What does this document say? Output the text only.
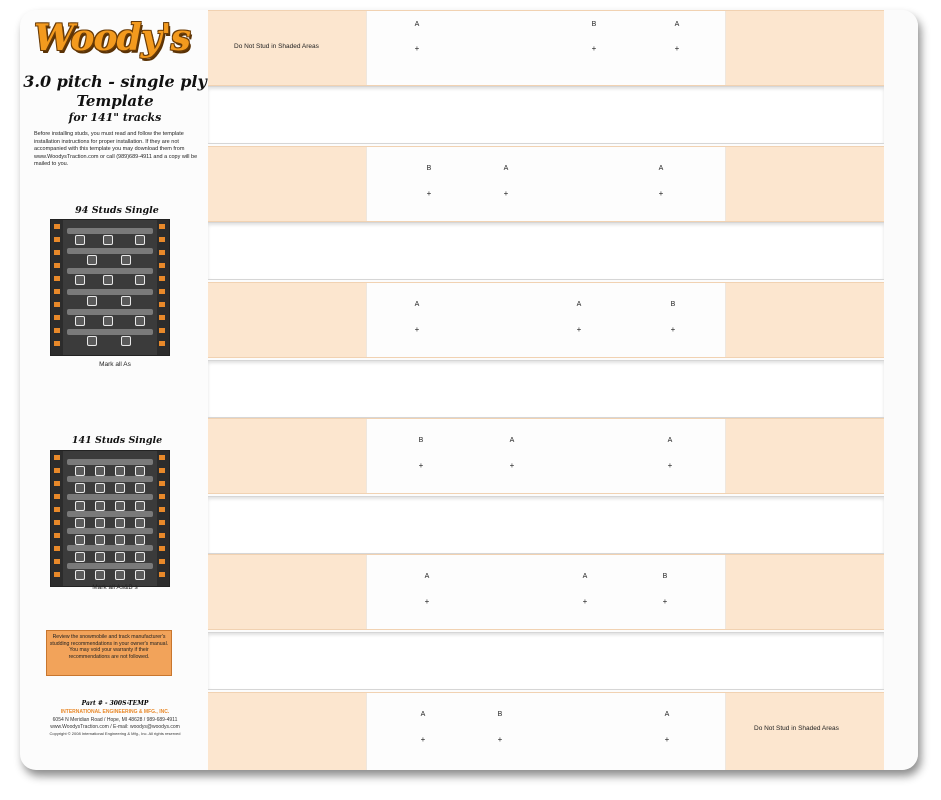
Woody's
3.0 pitch - single ply
Template
for 141" tracks
Before installing studs, you must read and follow the template installation instructions for proper installation. If they are not accompanied with this template you may download them from www.WoodysTraction.com or call (989)689-4911 and a copy will be mailed to you.
94 Studs Single
Mark all As
141 Studs Single
Mark all As&B s
Review the snowmobile and track manufacturer's studding recommendations in your owner's manual. You may void your warranty if their recommendations are not followed.
Part # - 300S-TEMP
INTERNATIONAL ENGINEERING & MFG., INC.
6054 N Meridian Road / Hope, MI 48628 / 989-689-4911
www.WoodysTraction.com / E-mail: woodys@woodys.com
Copyright © 2008 International Engineering & Mfg., Inc. All rights reserved
Do Not Stud in Shaded Areas
A
+
B
+
A
+
B
+
A
+
A
+
A
+
A
+
B
+
B
+
A
+
A
+
A
+
A
+
B
+
Do Not Stud in Shaded Areas
A
+
B
+
A
+
